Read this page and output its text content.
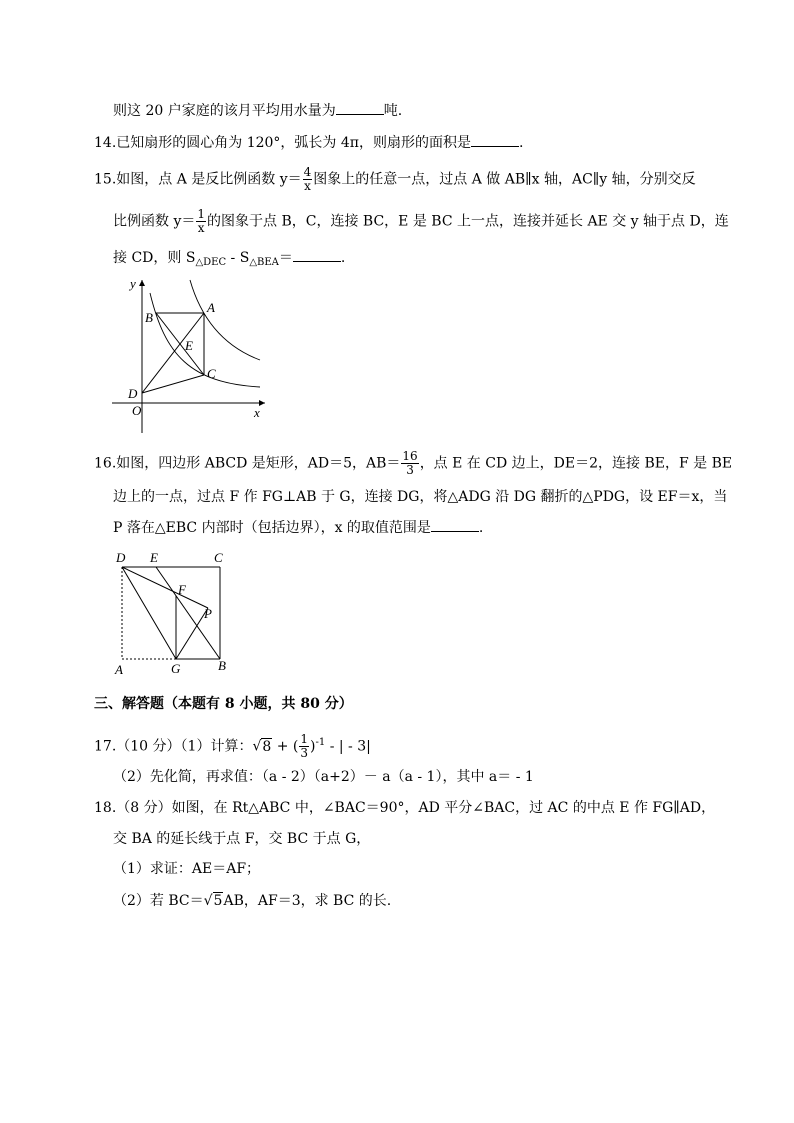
则这 20 户家庭的该月平均用水量为	吨.
14.已知扇形的圆心角为 120°，弧长为 4π，则扇形的面积是	.
15.如图，点 A 是反比例函数 $y= \frac{4}{x}$ 图象上的任意一点，过点 A 做 AB∥x 轴，AC∥y 轴，分别交反
比例函数 $y= \frac{1}{x}$ 的图象于点 B，C，连接 BC，E 是 BC 上一点，连接并延长 AE 交 y 轴于点 D，连
接 CD，则 $S_{\triangle DEC} - S_{\triangle BEA}=$	.
y
x
A
B
C
D
E
O
16.如图，四边形 ABCD 是矩形，AD＝5，$AB= \frac{16}{3}$ ，点 E 在 CD 边上，DE＝2，连接 BE，F 是 BE
边上的一点，过点 F 作 FG⊥AB 于 G，连接 DG，将△ADG 沿 DG 翻折的△PDG，设 EF＝x，当
P 落在△EBC 内部时（包括边界），x 的取值范围是	.
D E	C
F
P
A	G	B
三、解答题（本题有 8 小题，共 80 分）
17.（10 分）（1）计算：√8 + ( $\frac{1}{3} )^{-1}$ - | - 3|
（2）先化简，再求值：（a - 2）（a+2）－ a（a - 1），其中 a＝ - 1
18.（8 分）如图，在 Rt△ABC 中，∠BAC＝90°，AD 平分∠BAC，过 AC 的中点 E 作 FG∥AD，
交 BA 的延长线于点 F，交 BC 于点 G，
（1）求证：AE＝AF；
（2）若 BC＝√5AB，AF＝3，求 BC 的长.
